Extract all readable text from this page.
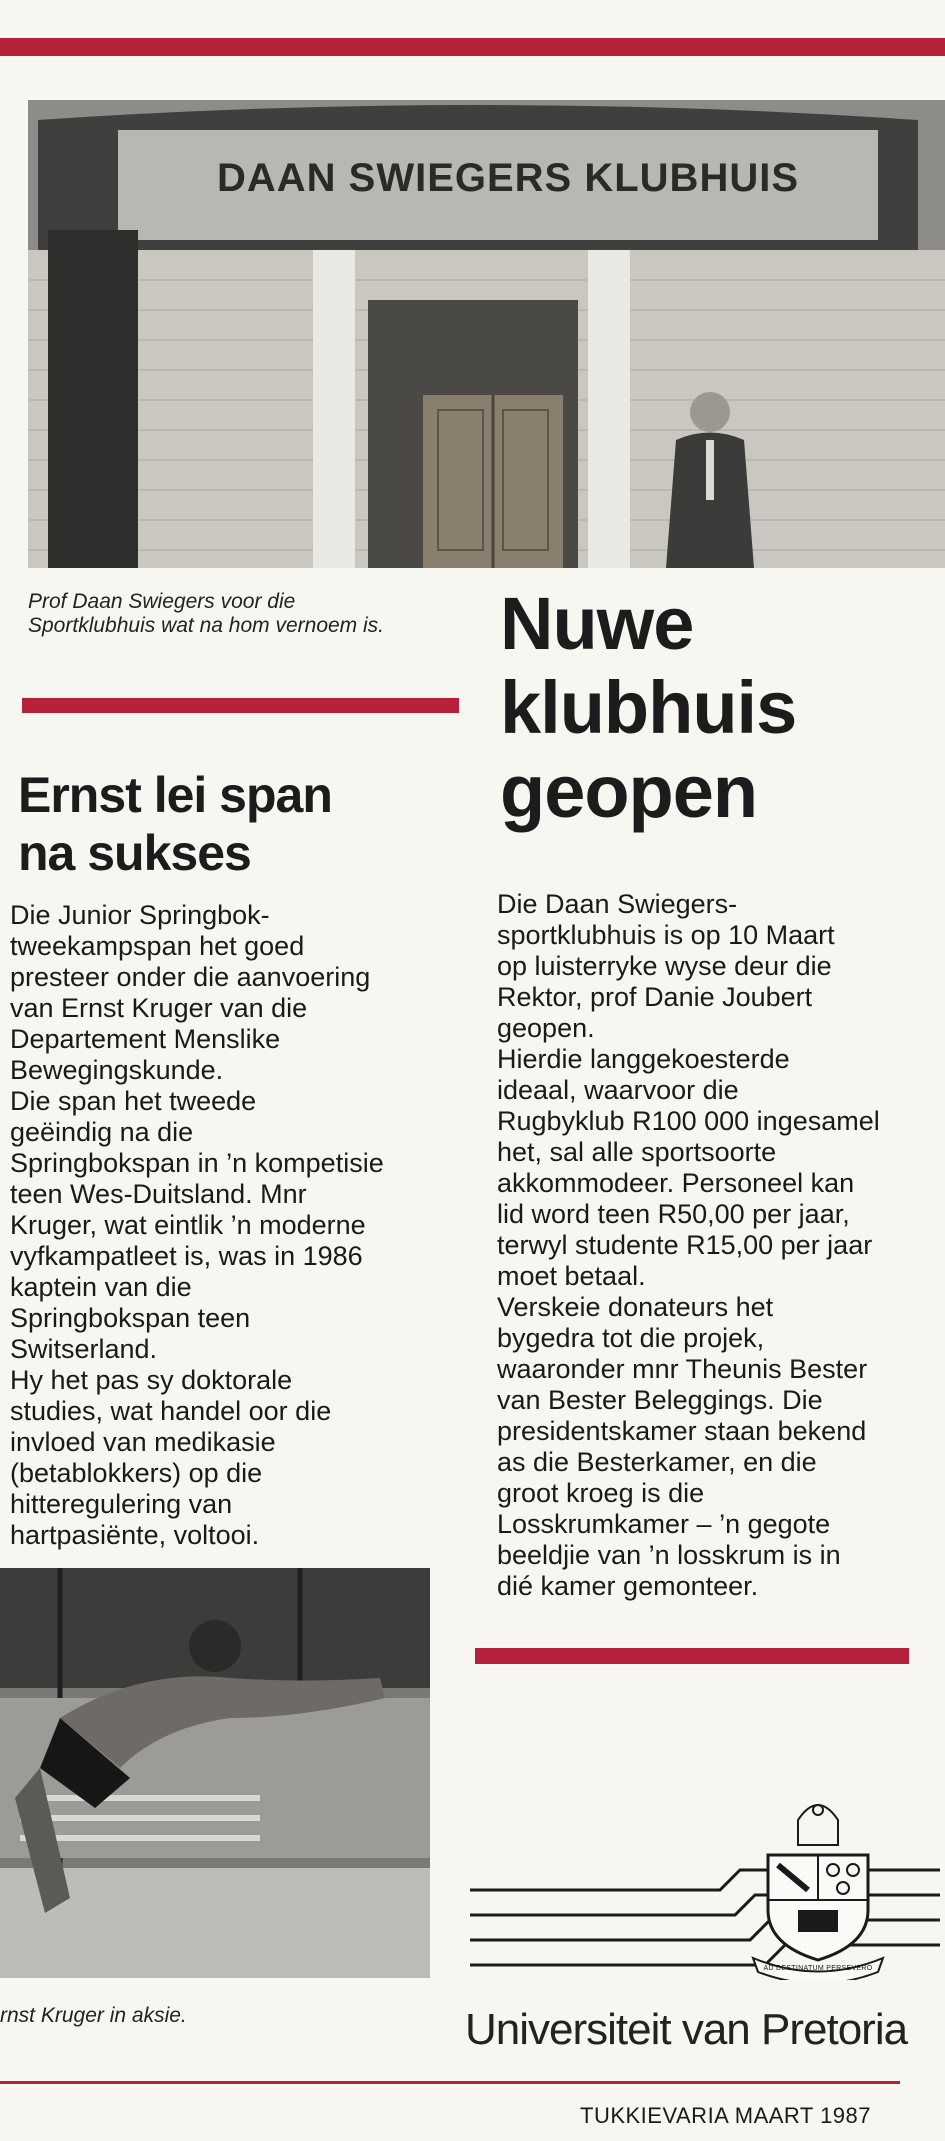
DAAN SWIEGERS KLUBHUIS
Prof Daan Swiegers voor die
Sportklubhuis wat na hom vernoem is.	Nuwe
klubhuis
geopen
Ernst lei span
na sukses
Die Junior Springbok-
tweekampspan het goed
presteer onder die aanvoering
van Ernst Kruger van die
Departement Menslike
Bewegingskunde.
Die span het tweede
geëindig na die
Springbokspan in ’n kompetisie
teen Wes-Duitsland. Mnr
Kruger, wat eintlik ’n moderne
vyfkampatleet is, was in 1986
kaptein van die
Springbokspan teen
Switserland.
Hy het pas sy doktorale
studies, wat handel oor die
invloed van medikasie
(betablokkers) op die
hitteregulering van
hartpasiënte, voltooi.
Die Daan Swiegers-
sportklubhuis is op 10 Maart
op luisterryke wyse deur die
Rektor, prof Danie Joubert
geopen.
Hierdie langgekoesterde
ideaal, waarvoor die
Rugbyklub R100 000 ingesamel
het, sal alle sportsoorte
akkommodeer. Personeel kan
lid word teen R50,00 per jaar,
terwyl studente R15,00 per jaar
moet betaal.
Verskeie donateurs het
bygedra tot die projek,
waaronder mnr Theunis Bester
van Bester Beleggings. Die
presidentskamer staan bekend
as die Besterkamer, en die
groot kroeg is die
Losskrumkamer – ’n gegote
beeldjie van ’n losskrum is in
dié kamer gemonteer.
rnst Kruger in aksie.
AD DESTINATUM PERSEVERO
Universiteit van Pretoria
TUKKIEVARIA MAART 1987
